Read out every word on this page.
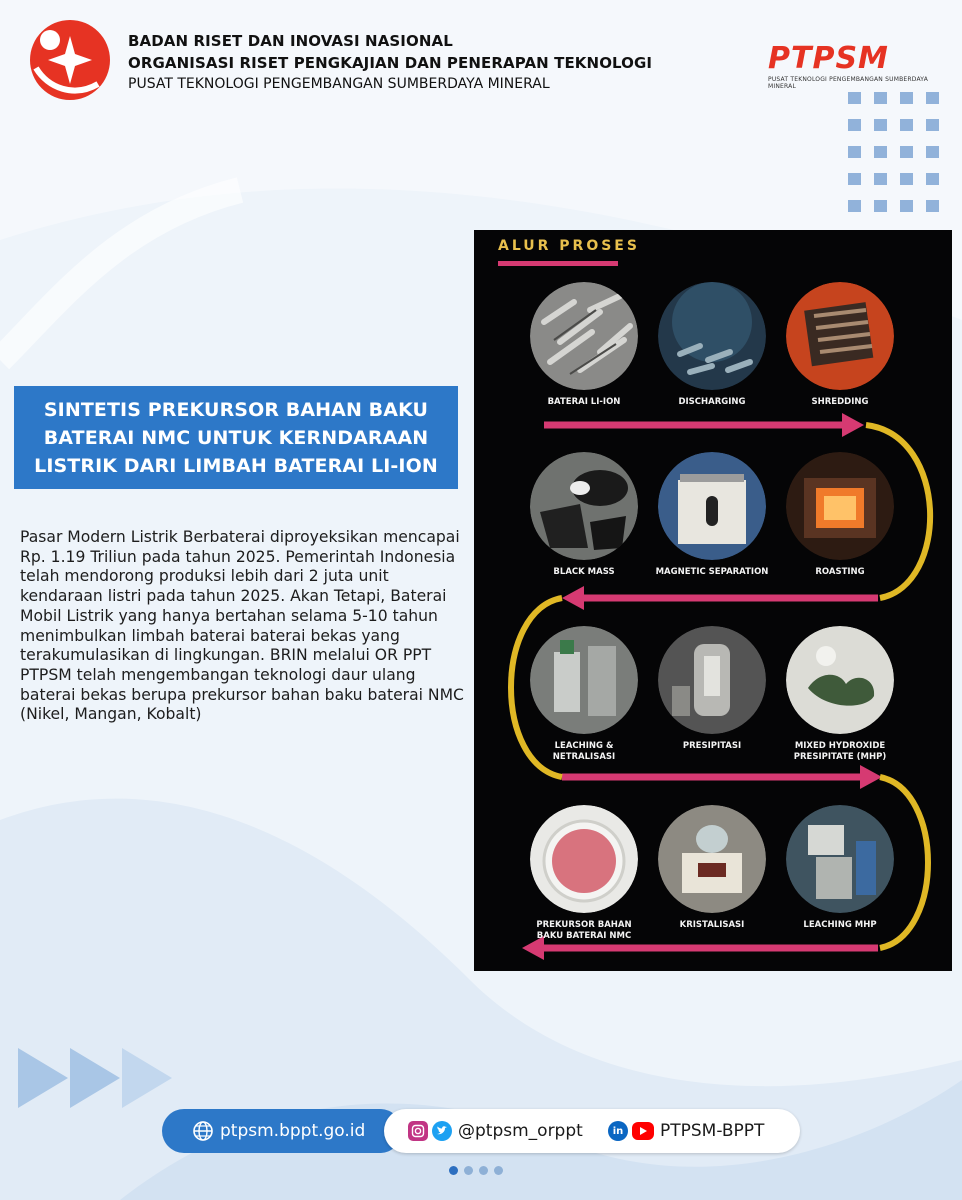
BADAN RISET DAN INOVASI NASIONAL
ORGANISASI RISET PENGKAJIAN DAN PENERAPAN TEKNOLOGI
PUSAT TEKNOLOGI PENGEMBANGAN SUMBERDAYA MINERAL
PTPSM
PUSAT TEKNOLOGI PENGEMBANGAN SUMBERDAYA MINERAL
SINTETIS PREKURSOR BAHAN BAKU BATERAI NMC UNTUK KERNDARAAN LISTRIK DARI LIMBAH BATERAI LI-ION
Pasar Modern Listrik Berbaterai diproyeksikan mencapai Rp. 1.19 Triliun pada tahun 2025. Pemerintah Indonesia telah mendorong produksi lebih dari 2 juta unit kendaraan listri pada tahun 2025. Akan Tetapi, Baterai Mobil Listrik yang hanya bertahan selama 5-10 tahun menimbulkan limbah baterai baterai bekas yang terakumulasikan di lingkungan. BRIN melalui OR PPT PTPSM telah mengembangan teknologi daur ulang baterai bekas berupa prekursor bahan baku baterai NMC (Nikel, Mangan, Kobalt)
ALUR PROSES
BATERAI LI-ION	DISCHARGING	SHREDDING
BLACK MASS	MAGNETIC SEPARATION	ROASTING
LEACHING & NETRALISASI
PRESIPITASI	MIXED HYDROXIDE PRESIPITATE (MHP)
PREKURSOR BAHAN BAKU BATERAI NMC
KRISTALISASI	LEACHING MHP
ptpsm.bppt.go.id	@ptpsm_orppt	in PTPSM-BPPT
